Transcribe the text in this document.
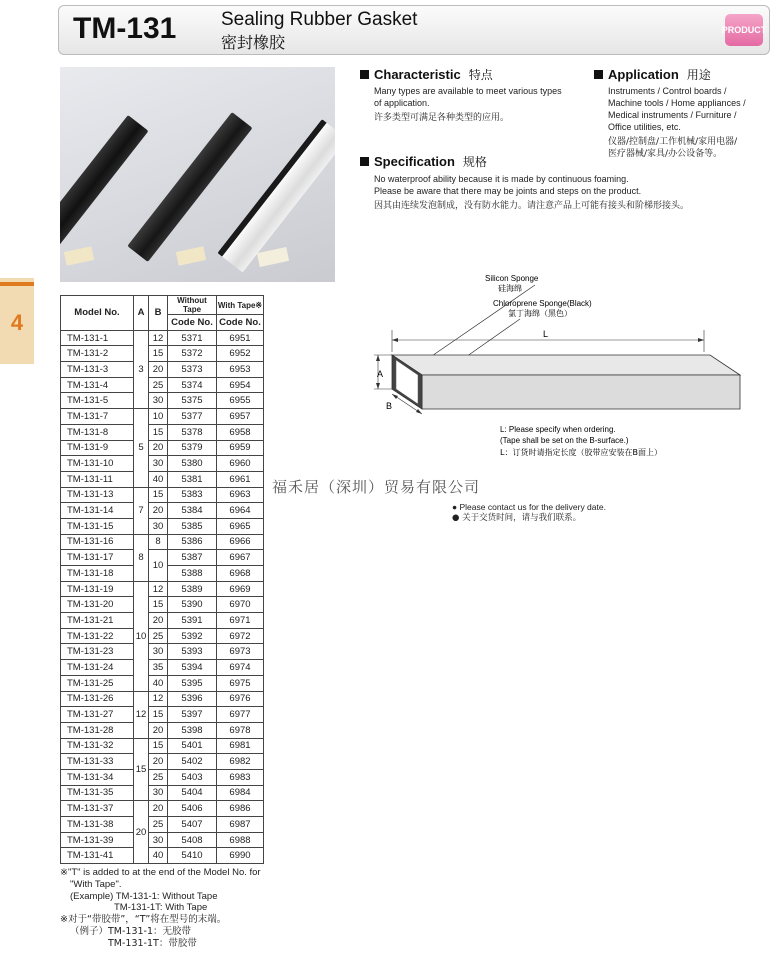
TM-131 Sealing Rubber Gasket
密封橡胶
PRODUCT
4
Characteristic 特点
Many types are available to meet various types
of application.
许多类型可满足各种类型的应用。
Application 用途
Instruments / Control boards /
Machine tools / Home appliances /
Medical instruments / Furniture /
Office utilities, etc.
仪器/控制盘/工作机械/家用电器/
医疗器械/家具/办公设备等。
Specification 规格
No waterproof ability because it is made by continuous foaming.
Please be aware that there may be joints and steps on the product.
因其由连续发泡制成，没有防水能力。请注意产品上可能有接头和阶梯形接头。
Silicon Sponge
硅海绵
Chloroprene Sponge(Black)
氯丁海绵（黑色）
L
A
B
L: Please specify when ordering.
(Tape shall be set on the B-surface.)
L：订货时请指定长度（胶带应安装在B面上）
福禾居（深圳）贸易有限公司
● Please contact us for the delivery date.
● 关于交货时间，请与我们联系。
Model No.	A	B	Without Tape	With Tape※
			Code No.	Code No.
TM-131-1	3	12	5371	6951
TM-131-2		15	5372	6952
TM-131-3		20	5373	6953
TM-131-4		25	5374	6954
TM-131-5		30	5375	6955
TM-131-7	5	10	5377	6957
TM-131-8		15	5378	6958
TM-131-9		20	5379	6959
TM-131-10		30	5380	6960
TM-131-11		40	5381	6961
TM-131-13	7	15	5383	6963
TM-131-14		20	5384	6964
TM-131-15		30	5385	6965
TM-131-16	8	8	5386	6966
TM-131-17		10	5387	6967
TM-131-18			5388	6968
TM-131-19	10	12	5389	6969
TM-131-20		15	5390	6970
TM-131-21		20	5391	6971
TM-131-22		25	5392	6972
TM-131-23		30	5393	6973
TM-131-24		35	5394	6974
TM-131-25		40	5395	6975
TM-131-26	12	12	5396	6976
TM-131-27		15	5397	6977
TM-131-28		20	5398	6978
TM-131-32	15	15	5401	6981
TM-131-33		20	5402	6982
TM-131-34		25	5403	6983
TM-131-35		30	5404	6984
TM-131-37	20	20	5406	6986
TM-131-38		25	5407	6987
TM-131-39		30	5408	6988
TM-131-41		40	5410	6990
※"T" is added to at the end of the Model No. for
"With Tape".
(Example) TM-131-1: Without Tape
TM-131-1T: With Tape
※对于“带胶带”，“T”将在型号的末端。
（例子）TM-131-1：无胶带
TM-131-1T：带胶带
